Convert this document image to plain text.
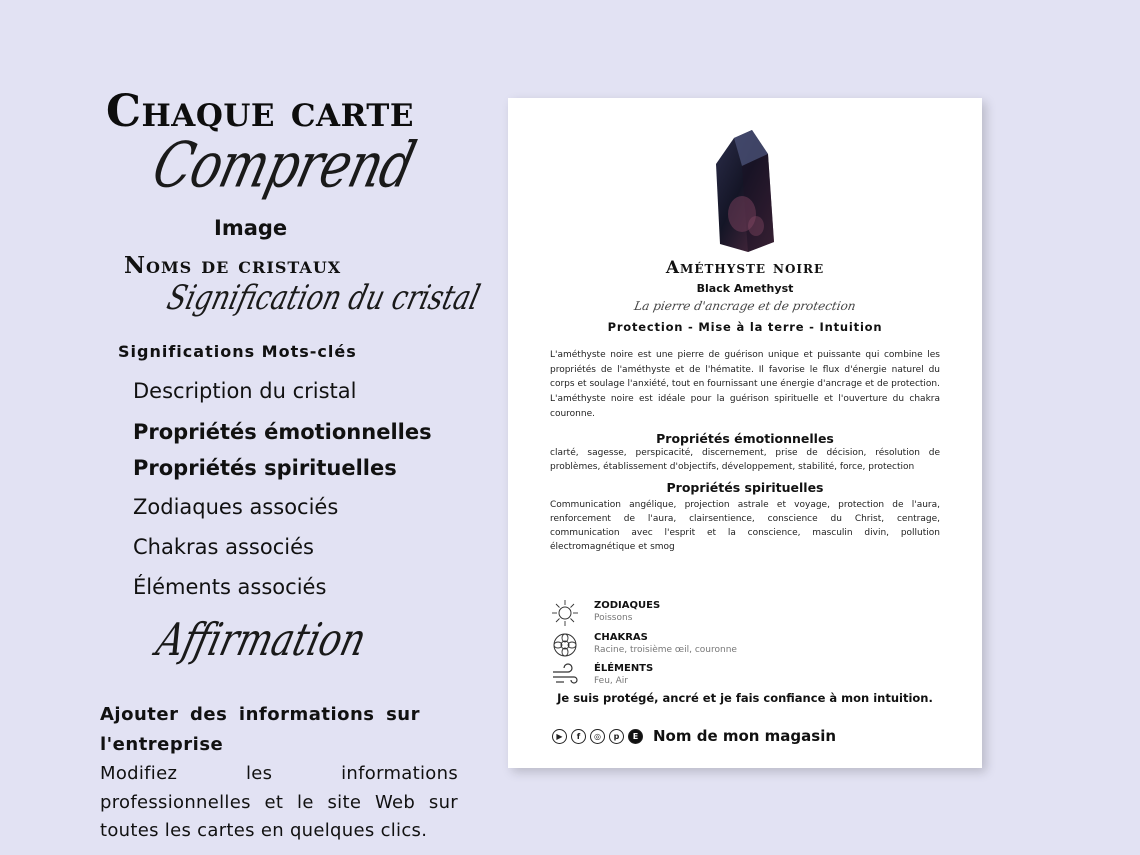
Chaque carte
Comprend
Image
Noms de cristaux
Signification du cristal
Significations Mots-clés
Description du cristal
Propriétés émotionnelles
Propriétés spirituelles
Zodiaques associés
Chakras associés
Éléments associés
Affirmation
Ajouter des informations sur l'entreprise
Modifiez les informations professionnelles et le site Web sur toutes les cartes en quelques clics.
Améthyste noire
Black Amethyst
La pierre d'ancrage et de protection
Protection - Mise à la terre - Intuition
L'améthyste noire est une pierre de guérison unique et puissante qui combine les propriétés de l'améthyste et de l'hématite. Il favorise le flux d'énergie naturel du corps et soulage l'anxiété, tout en fournissant une énergie d'ancrage et de protection. L'améthyste noire est idéale pour la guérison spirituelle et l'ouverture du chakra couronne.
Propriétés émotionnelles
clarté, sagesse, perspicacité, discernement, prise de décision, résolution de problèmes, établissement d'objectifs, développement, stabilité, force, protection
Propriétés spirituelles
Communication angélique, projection astrale et voyage, protection de l'aura, renforcement de l'aura, clairsentience, conscience du Christ, centrage, communication avec l'esprit et la conscience, masculin divin, pollution électromagnétique et smog
ZODIAQUES
Poissons
CHAKRAS
Racine, troisième œil, couronne
ÉLÉMENTS
Feu, Air
Je suis protégé, ancré et je fais confiance à mon intuition.
▶	f	◎	p	E Nom de mon magasin
